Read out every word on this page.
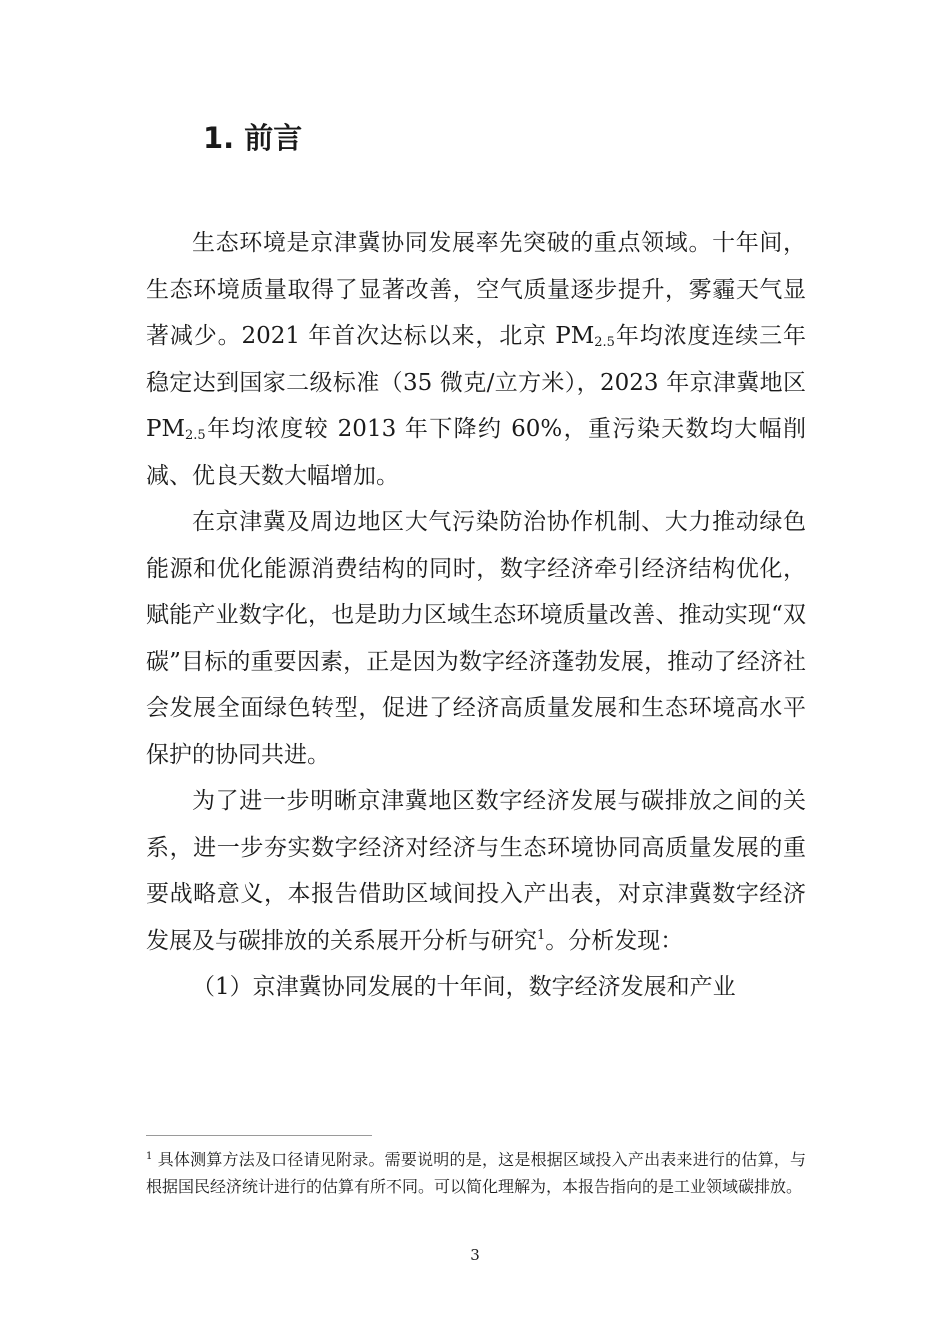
1. 前言

生态环境是京津冀协同发展率先突破的重点领域。十年间，生态环境质量取得了显著改善，空气质量逐步提升，雾霾天气显著减少。2021 年首次达标以来，北京 $PM_{2.5}$年均浓度连续三年稳定达到国家二级标准（35 微克/立方米），2023 年京津冀地区 $PM_{2.5}$年均浓度较 2013 年下降约 60%，重污染天数均大幅削减、优良天数大幅增加。

在京津冀及周边地区大气污染防治协作机制、大力推动绿色能源和优化能源消费结构的同时，数字经济牵引经济结构优化，赋能产业数字化，也是助力区域生态环境质量改善、推动实现“双碳”目标的重要因素，正是因为数字经济蓬勃发展，推动了经济社会发展全面绿色转型，促进了经济高质量发展和生态环境高水平保护的协同共进。

为了进一步明晰京津冀地区数字经济发展与碳排放之间的关系，进一步夯实数字经济对经济与生态环境协同高质量发展的重要战略意义，本报告借助区域间投入产出表，对京津冀数字经济发展及与碳排放的关系展开分析与研究$^1$。分析发现：

（1）京津冀协同发展的十年间，数字经济发展和产业

$^1$ 具体测算方法及口径请见附录。需要说明的是，这是根据区域投入产出表来进行的估算，与根据国民经济统计进行的估算有所不同。可以简化理解为，本报告指向的是工业领域碳排放。

3
